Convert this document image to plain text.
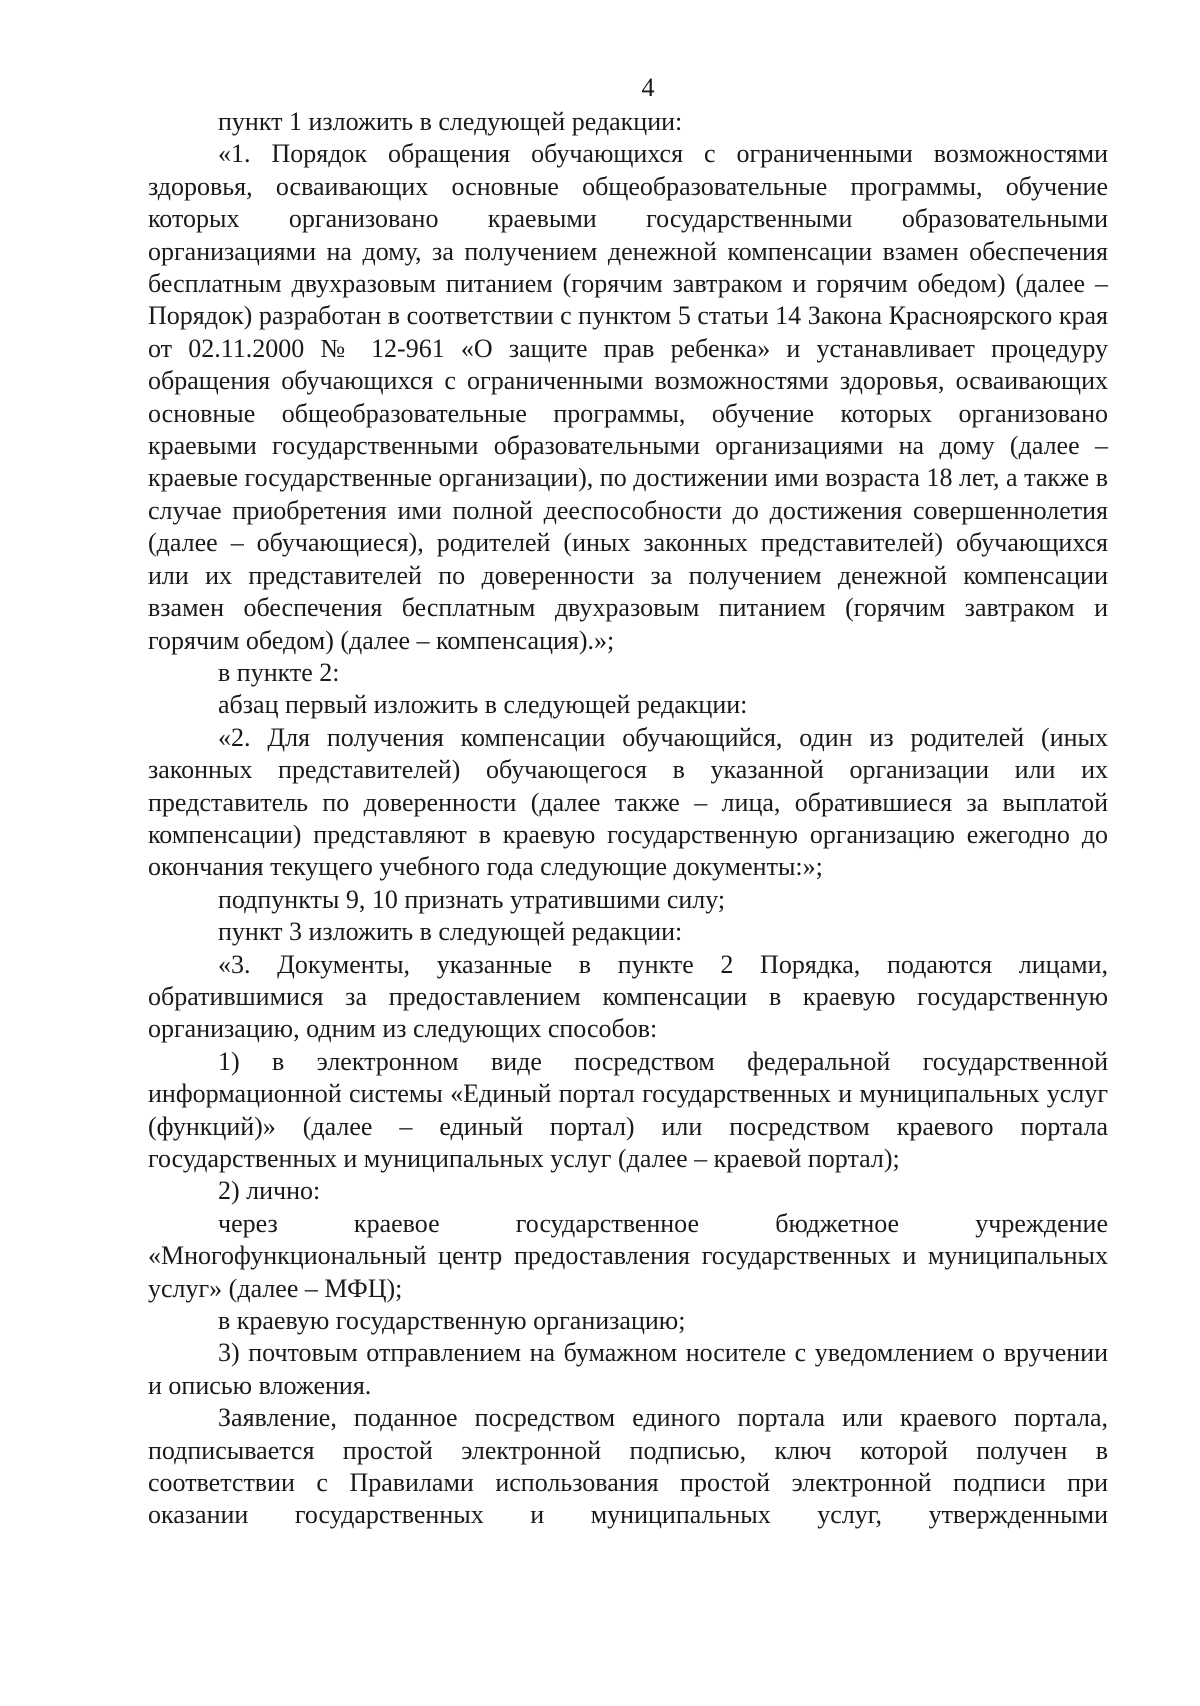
4

пункт 1 изложить в следующей редакции:

«1. Порядок обращения обучающихся с ограниченными возможностями здоровья, осваивающих основные общеобразовательные программы, обучение которых организовано краевыми государственными образовательными организациями на дому, за получением денежной компенсации взамен обеспечения бесплатным двухразовым питанием (горячим завтраком и горячим обедом) (далее – Порядок) разработан в соответствии с пунктом 5 статьи 14 Закона Красноярского края от 02.11.2000 № 12-961 «О защите прав ребенка» и устанавливает процедуру обращения обучающихся с ограниченными возможностями здоровья, осваивающих основные общеобразовательные программы, обучение которых организовано краевыми государственными образовательными организациями на дому (далее – краевые государственные организации), по достижении ими возраста 18 лет, а также в случае приобретения ими полной дееспособности до достижения совершеннолетия (далее – обучающиеся), родителей (иных законных представителей) обучающихся или их представителей по доверенности за получением денежной компенсации взамен обеспечения бесплатным двухразовым питанием (горячим завтраком и горячим обедом) (далее – компенсация).»;

в пункте 2:

абзац первый изложить в следующей редакции:

«2. Для получения компенсации обучающийся, один из родителей (иных законных представителей) обучающегося в указанной организации или их представитель по доверенности (далее также – лица, обратившиеся за выплатой компенсации) представляют в краевую государственную организацию ежегодно до окончания текущего учебного года следующие документы:»;

подпункты 9, 10 признать утратившими силу;

пункт 3 изложить в следующей редакции:

«3. Документы, указанные в пункте 2 Порядка, подаются лицами, обратившимися за предоставлением компенсации в краевую государственную организацию, одним из следующих способов:

1) в электронном виде посредством федеральной государственной информационной системы «Единый портал государственных и муниципальных услуг (функций)» (далее – единый портал) или посредством краевого портала государственных и муниципальных услуг (далее – краевой портал);

2) лично:

через краевое государственное бюджетное учреждение «Многофункциональный центр предоставления государственных и муниципальных услуг» (далее – МФЦ);

в краевую государственную организацию;

3) почтовым отправлением на бумажном носителе с уведомлением о вручении и описью вложения.

Заявление, поданное посредством единого портала или краевого портала, подписывается простой электронной подписью, ключ которой получен в соответствии с Правилами использования простой электронной подписи при оказании государственных и муниципальных услуг, утвержденными
